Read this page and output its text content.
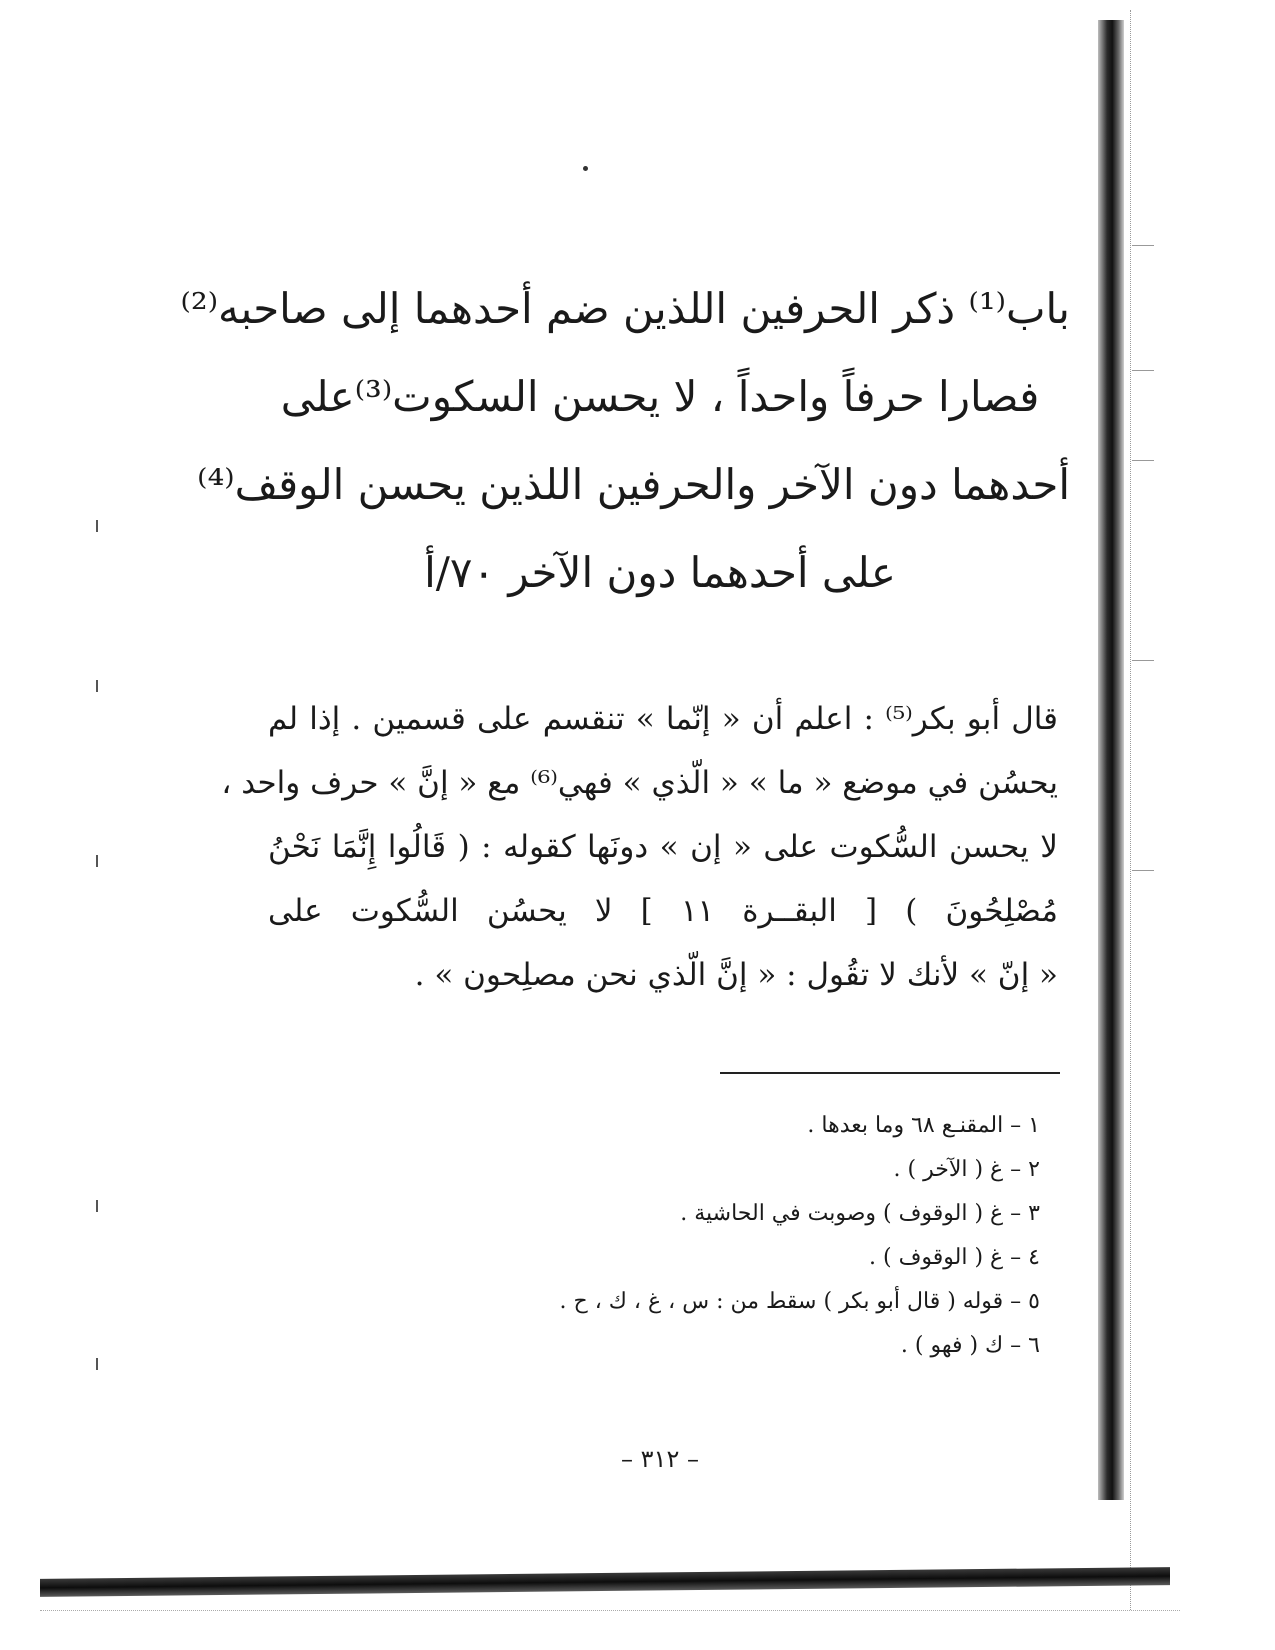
باب⁽¹⁾ ذكر الحرفين اللذين ضم أحدهما إلى صاحبه⁽²⁾
فصارا حرفاً واحداً ، لا يحسن السكوت⁽³⁾على
أحدهما دون الآخر والحرفين اللذين يحسن الوقف⁽⁴⁾
على أحدهما دون الآخر ٧٠/أ
قال أبو بكر⁽⁵⁾ : اعلم أن « إنّما » تنقسم على قسمين . إذا لم
يحسُن في موضع « ما » « الّذي » فهي⁽⁶⁾ مع « إنَّ » حرف واحد ،
لا يحسن السُّكوت على « إن » دونَها كقوله : ( قَالُوا إِنَّمَا نَحْنُ
مُصْلِحُونَ ) [ البقــرة ١١ ] لا يحسُن السُّكوت على
« إنّ » لأنك لا تقُول : « إنَّ الّذي نحن مصلِحون » .
١ – المقنـع ٦٨ وما بعدها .
٢ – غ ( الآخر ) .
٣ – غ ( الوقوف ) وصوبت في الحاشية .
٤ – غ ( الوقوف ) .
٥ – قوله ( قال أبو بكر ) سقط من : س ، غ ، ك ، ح .
٦ – ك ( فهو ) .
– ٣١٢ –
